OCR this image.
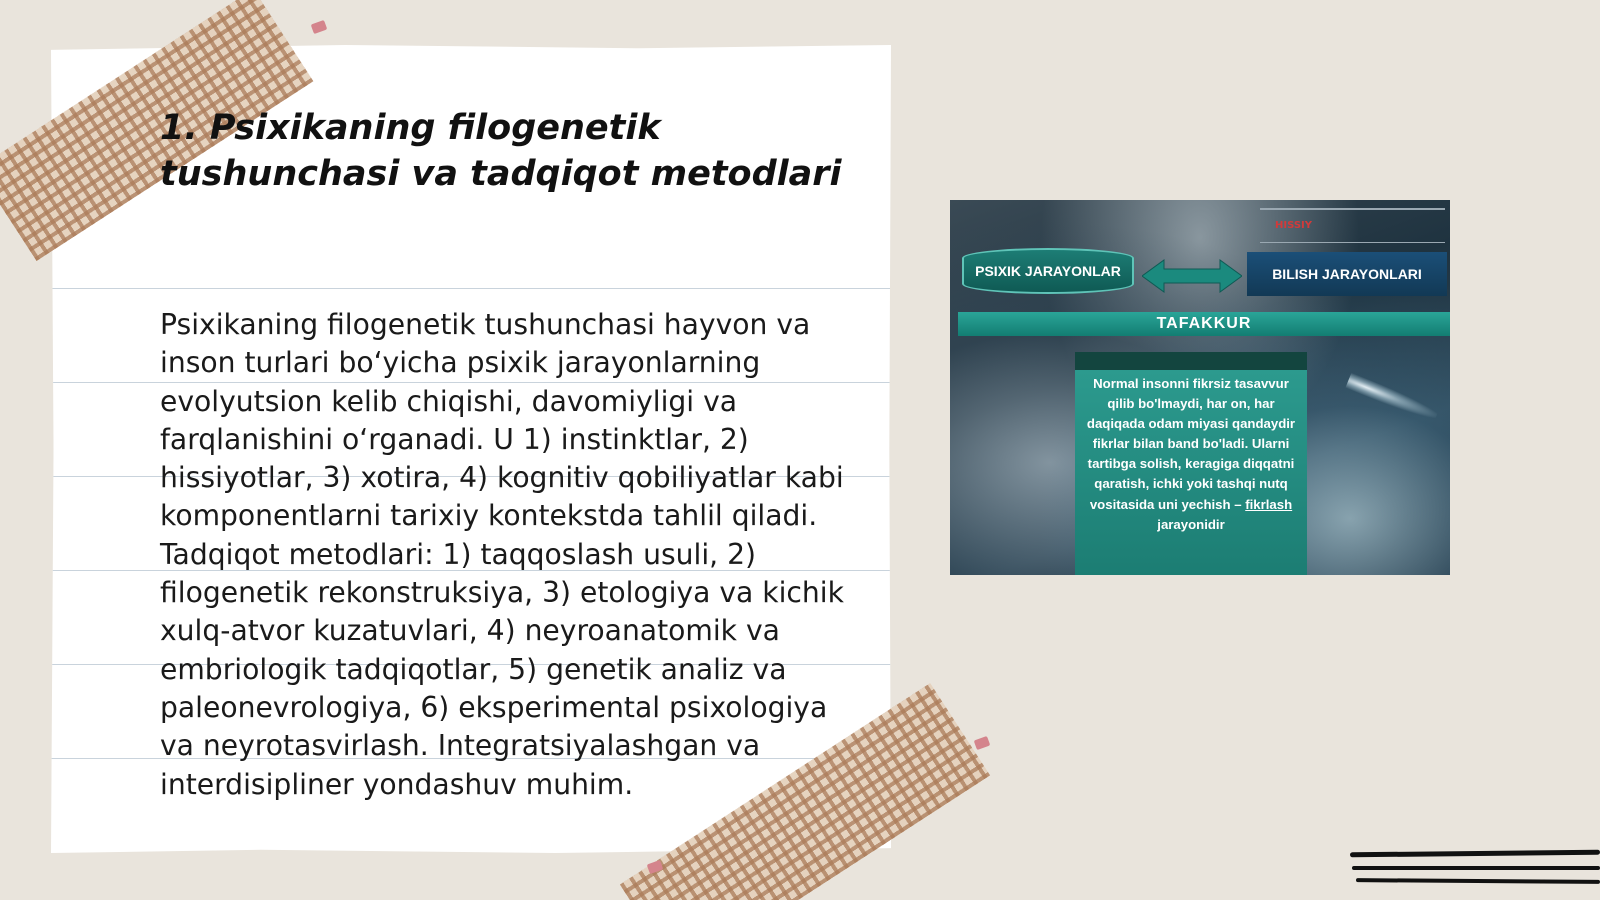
1. Psixikaning filogenetik tushunchasi va tadqiqot metodlari

Psixikaning filogenetik tushunchasi hayvon va inson turlari bo‘yicha psixik jarayonlarning evolyutsion kelib chiqishi, davomiyligi va farqlanishini o‘rganadi. U 1) instinktlar, 2) hissiyotlar, 3) xotira, 4) kognitiv qobiliyatlar kabi komponentlarni tarixiy kontekstda tahlil qiladi. Tadqiqot metodlari: 1) taqqoslash usuli, 2) filogenetik rekonstruksiya, 3) etologiya va kichik xulq-atvor kuzatuvlari, 4) neyroanatomik va embriologik tadqiqotlar, 5) genetik analiz va paleonevrologiya, 6) eksperimental psixologiya va neyrotasvirlash. Integratsiyalashgan va interdisipliner yondashuv muhim.

HISSIY
PSIXIK JARAYONLAR	BILISH JARAYONLARI
TAFAKKUR
Normal insonni fikrsiz tasavvur qilib bo'lmaydi, har on, har daqiqada odam miyasi qandaydir fikrlar bilan band bo'ladi. Ularni tartibga solish, keragiga diqqatni qaratish, ichki yoki tashqi nutq vositasida uni yechish – fikrlash jarayonidir
